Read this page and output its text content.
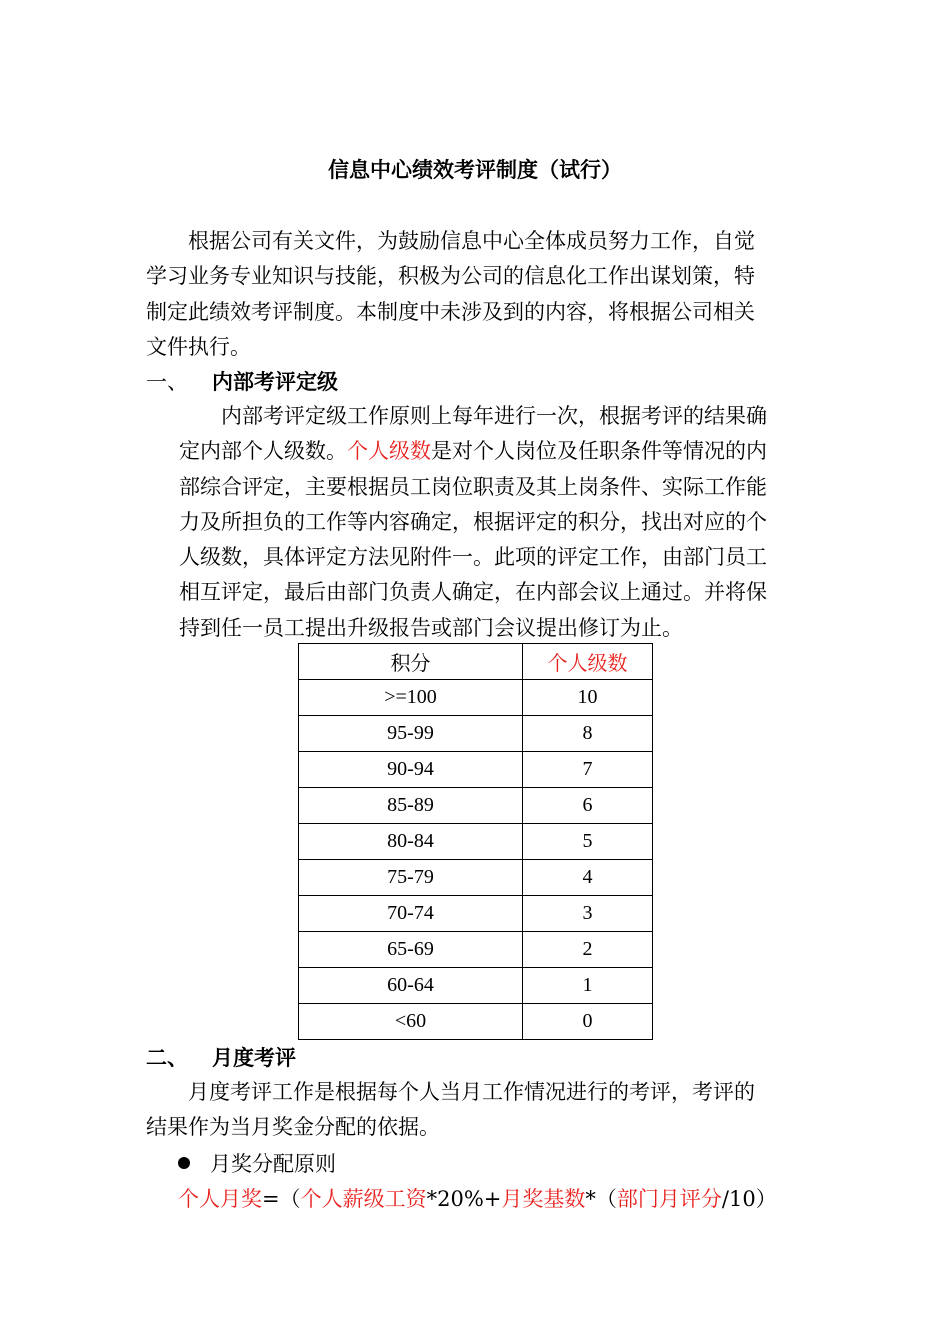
信息中心绩效考评制度（试行）
根据公司有关文件，为鼓励信息中心全体成员努力工作，自觉
学习业务专业知识与技能，积极为公司的信息化工作出谋划策，特
制定此绩效考评制度。本制度中未涉及到的内容，将根据公司相关
文件执行。
一、 内部考评定级
内部考评定级工作原则上每年进行一次，根据考评的结果确
定内部个人级数。个人级数是对个人岗位及任职条件等情况的内
部综合评定，主要根据员工岗位职责及其上岗条件、实际工作能
力及所担负的工作等内容确定，根据评定的积分，找出对应的个
人级数，具体评定方法见附件一。此项的评定工作，由部门员工
相互评定，最后由部门负责人确定，在内部会议上通过。并将保
持到任一员工提出升级报告或部门会议提出修订为止。
积分	个人级数
>=100	10
95-99	8
90-94	7
85-89	6
80-84	5
75-79	4
70-74	3
65-69	2
60-64	1
<60	0
二、 月度考评
月度考评工作是根据每个人当月工作情况进行的考评，考评的
结果作为当月奖金分配的依据。
月奖分配原则
个人月奖=（个人薪级工资*20%+月奖基数*（部门月评分/10）
